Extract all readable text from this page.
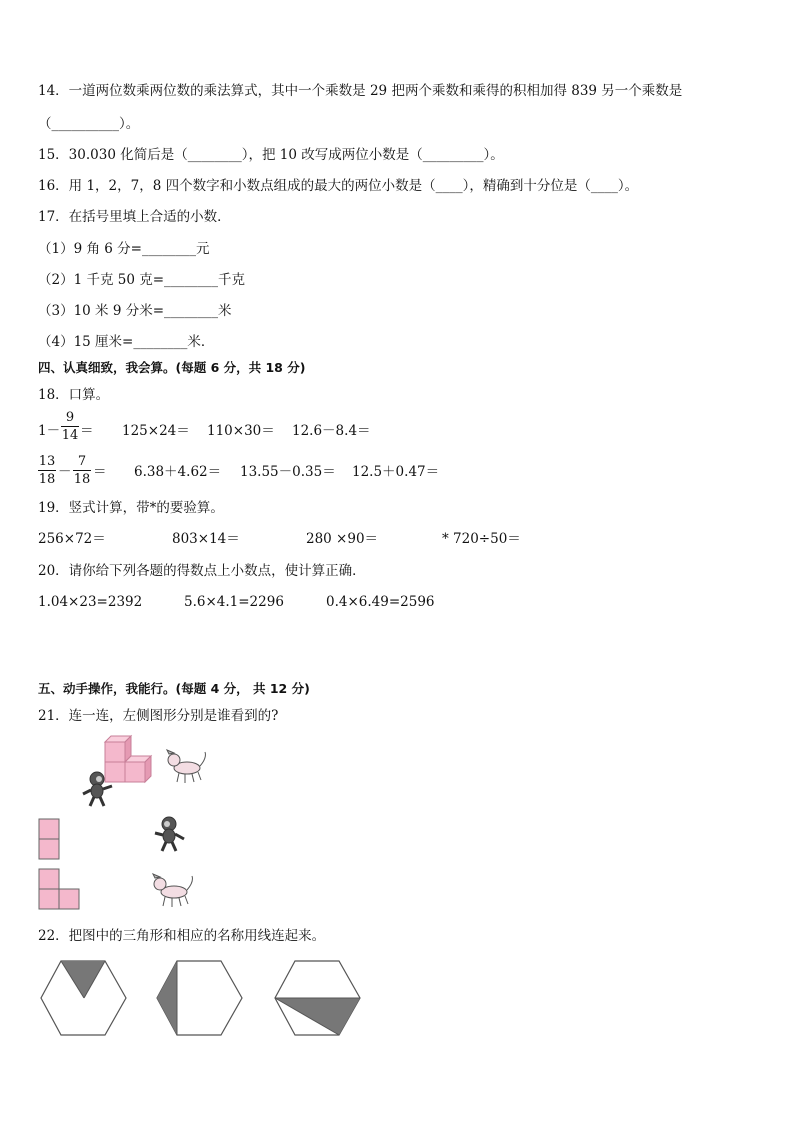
14．一道两位数乘两位数的乘法算式，其中一个乘数是 29 把两个乘数和乘得的积相加得 839 另一个乘数是
（__________）。
15．30.030 化简后是（________），把 10 改写成两位小数是（_________）。
16．用 1，2，7，8 四个数字和小数点组成的最大的两位小数是（____），精确到十分位是（____）。
17．在括号里填上合适的小数．
（1）9 角 6 分=________元
（2）1 千克 50 克=________千克
（3）10 米 9 分米=________米
（4）15 厘米=________米．
四、认真细致，我会算。(每题 6 分，共 18 分)
18．口算。
1－
9
14 ＝ 125×24＝ 110×30＝ 12.6－8.4＝
13
18 －
7
18 ＝ 6.38＋4.62＝ 13.55－0.35＝ 12.5＋0.47＝
19．竖式计算，带*的要验算。
256×72＝	803×14＝	280 ×90＝	* 720÷50＝
20．请你给下列各题的得数点上小数点，使计算正确．
1.04×23=2392	5.6×4.1=2296	0.4×6.49=2596
五、动手操作，我能行。(每题 4 分， 共 12 分)
21．连一连，左侧图形分别是谁看到的?
22．把图中的三角形和相应的名称用线连起来。
